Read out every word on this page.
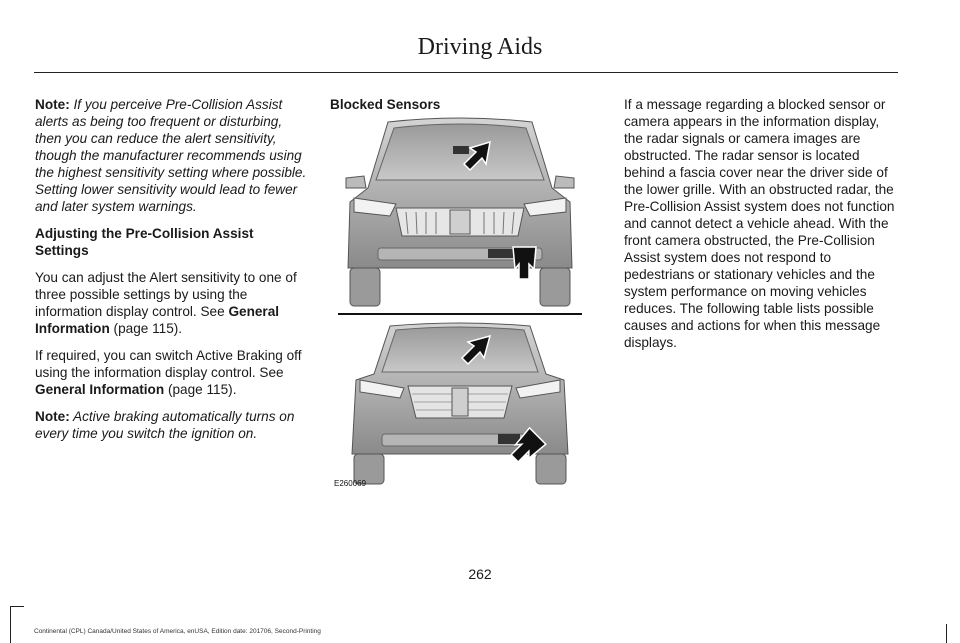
Driving Aids

Note: If you perceive Pre-Collision Assist alerts as being too frequent or disturbing, then you can reduce the alert sensitivity, though the manufacturer recommends using the highest sensitivity setting where possible. Setting lower sensitivity would lead to fewer and later system warnings.

Adjusting the Pre-Collision Assist Settings

You can adjust the Alert sensitivity to one of three possible settings by using the information display control. See General Information (page 115).

If required, you can switch Active Braking off using the information display control. See General Information (page 115).

Note: Active braking automatically turns on every time you switch the ignition on.

Blocked Sensors

E260069

If a message regarding a blocked sensor or camera appears in the information display, the radar signals or camera images are obstructed. The radar sensor is located behind a fascia cover near the driver side of the lower grille. With an obstructed radar, the Pre-Collision Assist system does not function and cannot detect a vehicle ahead. With the front camera obstructed, the Pre-Collision Assist system does not respond to pedestrians or stationary vehicles and the system performance on moving vehicles reduces. The following table lists possible causes and actions for when this message displays.

262
Continental (CPL) Canada/United States of America, enUSA, Edition date: 201706, Second-Printing
